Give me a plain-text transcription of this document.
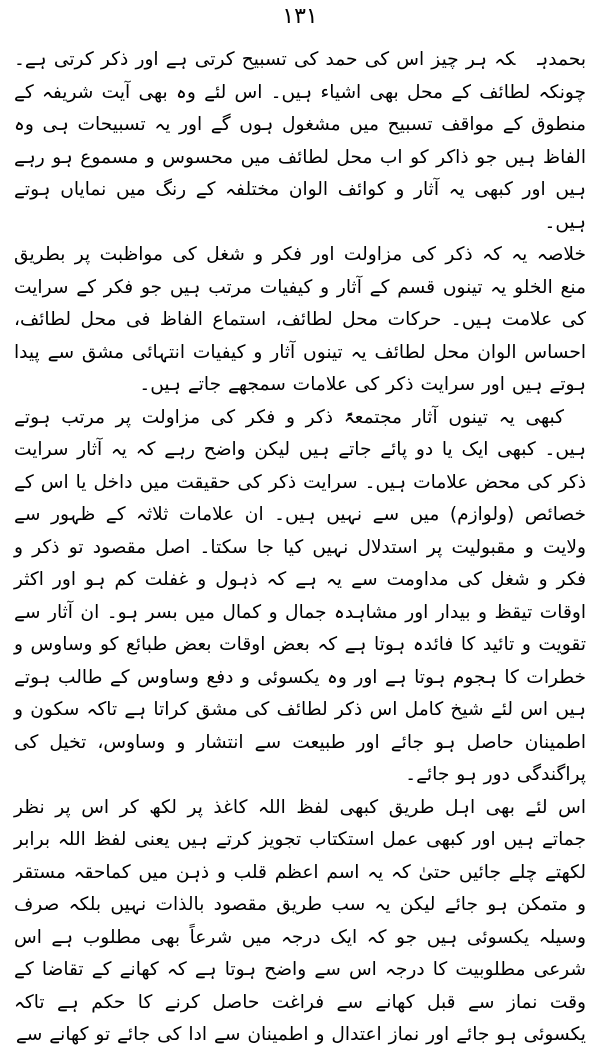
۱۳۱

بحمدہکہ ہر چیز اس کی حمد کی تسبیح کرتی ہے اور ذکر کرتی ہے۔ چونکہ لطائف کے محل بھی اشیاء ہیں۔ اس لئے وہ بھی آیت شریفہ کے منطوق کے مواقف تسبیح میں مشغول ہوں گے اور یہ تسبیحات ہی وہ الفاظ ہیں جو ذاکر کو اب محل لطائف میں محسوس و مسموع ہو رہے ہیں اور کبھی یہ آثار و کوائف الوان مختلفہ کے رنگ میں نمایاں ہوتے ہیں۔

خلاصہ یہ کہ ذکر کی مزاولت اور فکر و شغل کی مواظبت پر بطریق منع الخلو یہ تینوں قسم کے آثار و کیفیات مرتب ہیں جو فکر کے سرایت کی علامت ہیں۔ حرکات محل لطائف، استماع الفاظ فی محل لطائف، احساس الوان محل لطائف یہ تینوں آثار و کیفیات انتہائی مشق سے پیدا ہوتے ہیں اور سرایت ذکر کی علامات سمجھے جاتے ہیں۔

کبھی یہ تینوں آثار مجتمعۃً ذکر و فکر کی مزاولت پر مرتب ہوتے ہیں۔ کبھی ایک یا دو پائے جاتے ہیں لیکن واضح رہے کہ یہ آثار سرایت ذکر کی محض علامات ہیں۔ سرایت ذکر کی حقیقت میں داخل یا اس کے خصائص (ولوازم) میں سے نہیں ہیں۔ ان علامات ثلاثہ کے ظہور سے ولایت و مقبولیت پر استدلال نہیں کیا جا سکتا۔ اصل مقصود تو ذکر و فکر و شغل کی مداومت سے یہ ہے کہ ذہول و غفلت کم ہو اور اکثر اوقات تیقظ و بیدار اور مشاہدہ جمال و کمال میں بسر ہو۔ ان آثار سے تقویت و تائید کا فائدہ ہوتا ہے کہ بعض اوقات بعض طبائع کو وساوس و خطرات کا ہجوم ہوتا ہے اور وہ یکسوئی و دفع وساوس کے طالب ہوتے ہیں اس لئے شیخ کامل اس ذکر لطائف کی مشق کراتا ہے تاکہ سکون و اطمینان حاصل ہو جائے اور طبیعت سے انتشار و وساوس، تخیل کی پراگندگی دور ہو جائے۔

اس لئے بھی اہل طریق کبھی لفظ اللہ کاغذ پر لکھ کر اس پر نظر جماتے ہیں اور کبھی عمل استکتاب تجویز کرتے ہیں یعنی لفظ اللہ برابر لکھتے چلے جائیں حتیٰ کہ یہ اسم اعظم قلب و ذہن میں کماحقہ مستقر و متمکن ہو جائے لیکن یہ سب طریق مقصود بالذات نہیں بلکہ صرف وسیلہ یکسوئی ہیں جو کہ ایک درجہ میں شرعاً بھی مطلوب ہے اس شرعی مطلوبیت کا درجہ اس سے واضح ہوتا ہے کہ کھانے کے تقاضا کے وقت نماز سے قبل کھانے سے فراغت حاصل کرنے کا حکم ہے تاکہ یکسوئی ہو جائے اور نماز اعتدال و اطمینان سے ادا کی جائے تو کھانے سے
